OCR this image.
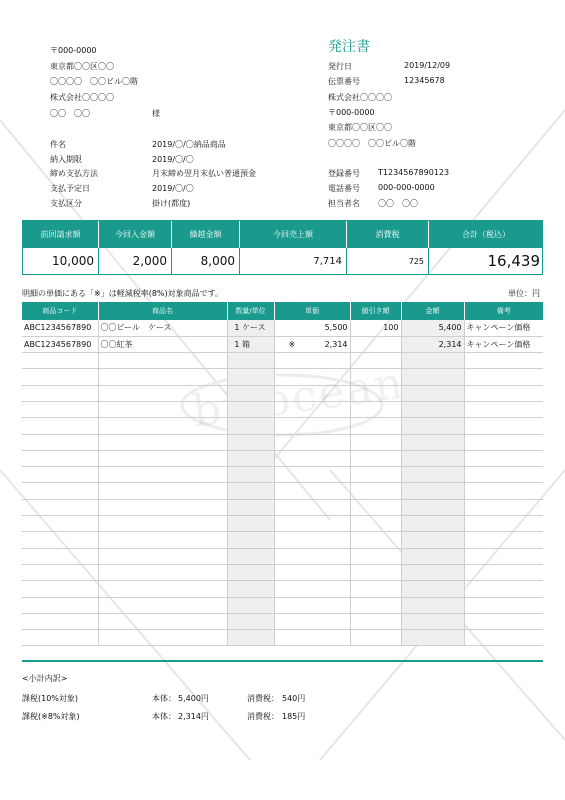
bizocean
発注書
〒000-0000
東京都〇〇区〇〇
〇〇〇〇　〇〇ビル〇階
株式会社〇〇〇〇
〇〇　〇〇	様
発行日	2019/12/09
伝票番号	12345678
株式会社〇〇〇〇
〒000-0000
東京都〇〇区〇〇
〇〇〇〇　〇〇ビル〇階
登録番号 T1234567890123
電話番号 000-000-0000
担当者名 〇〇　〇〇
件名	2019/〇/〇納品商品
納入期限	2019/〇/〇
締め支払方法	月末締め翌月末払い普通預金
支払予定日	2019/〇/〇
支払区分	掛け(都度)
前回請求額	今回入金額	繰越金額	今回売上額	消費税	合計（税込）
10,000	2,000	8,000	7,714	725	16,439
明細の単価にある「※」は軽減税率(8%)対象商品です。	単位：円
商品コード	商品名	数量/単位	単価	値引き額	金額	備考
ABC1234567890	〇〇ビール　ケース	1 ケース	5,500	100	5,400	キャンペーン価格
ABC1234567890	〇〇紅茶	1 箱	※ 2,314		2,314	キャンペーン価格

<小計内訳>
課税(10%対象)	本体： 5,400円	消費税： 540円
課税(※8%対象)	本体： 2,314円	消費税： 185円
